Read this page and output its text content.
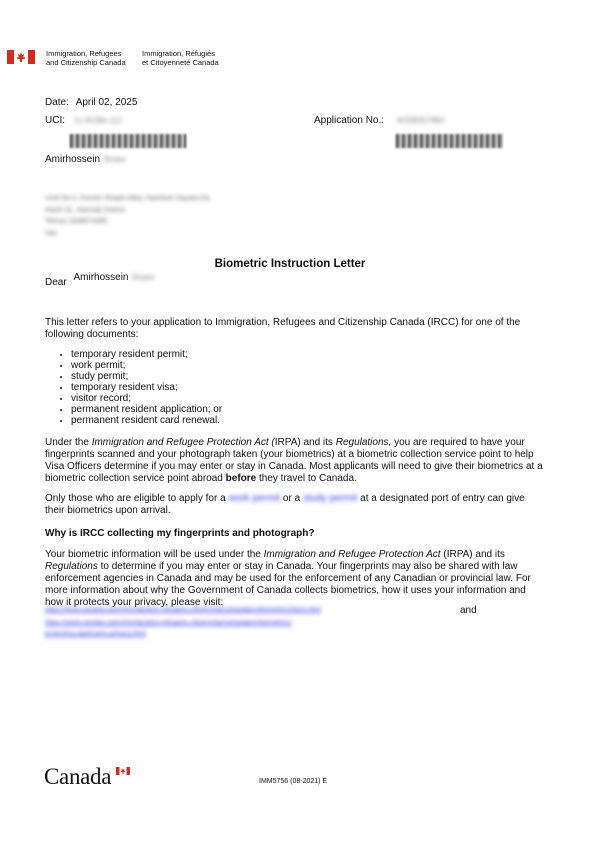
Immigration, Refugees
and Citizenship Canada
Immigration, Réfugiés
et Citoyenneté Canada
Date: April 02, 2025
UCI: 11-6538e-112	Application No.: W308357882
Amirhossein Shater
Unitt No.2, Doostri Shaqhi Alley, Hashtom Square,Da
Hashi St., Narmak District
Tehran 1648874385
Iran
Biometric Instruction Letter
Dear Amirhossein Shater
This letter refers to your application to Immigration, Refugees and Citizenship Canada (IRCC) for one of the following documents:
• temporary resident permit;
• work permit;
• study permit;
• temporary resident visa;
• visitor record;
• permanent resident application; or
• permanent resident card renewal.
Under the Immigration and Refugee Protection Act (IRPA) and its Regulations, you are required to have your fingerprints scanned and your photograph taken (your biometrics) at a biometric collection service point to help Visa Officers determine if you may enter or stay in Canada. Most applicants will need to give their biometrics at a biometric collection service point abroad before they travel to Canada.
Only those who are eligible to apply for a work permit or a study permit at a designated port of entry can give their biometrics upon arrival.
Why is IRCC collecting my fingerprints and photograph?
Your biometric information will be used under the Immigration and Refugee Protection Act (IRPA) and its Regulations to determine if you may enter or stay in Canada. Your fingerprints may also be shared with law enforcement agencies in Canada and may be used for the enforcement of any Canadian or provincial law. For more information about why the Government of Canada collects biometrics, how it uses your information and how it protects your privacy, please visit:
https://www.canada.ca/en/immigration-refugees-citizenship/campaigns/biometrics/facts.html	and
https://www.canada.ca/en/immigration-refugees-citizenship/campaigns/biometrics/
protecting-applicants-privacy.html
Canada	IMM5756 (08-2021) E
